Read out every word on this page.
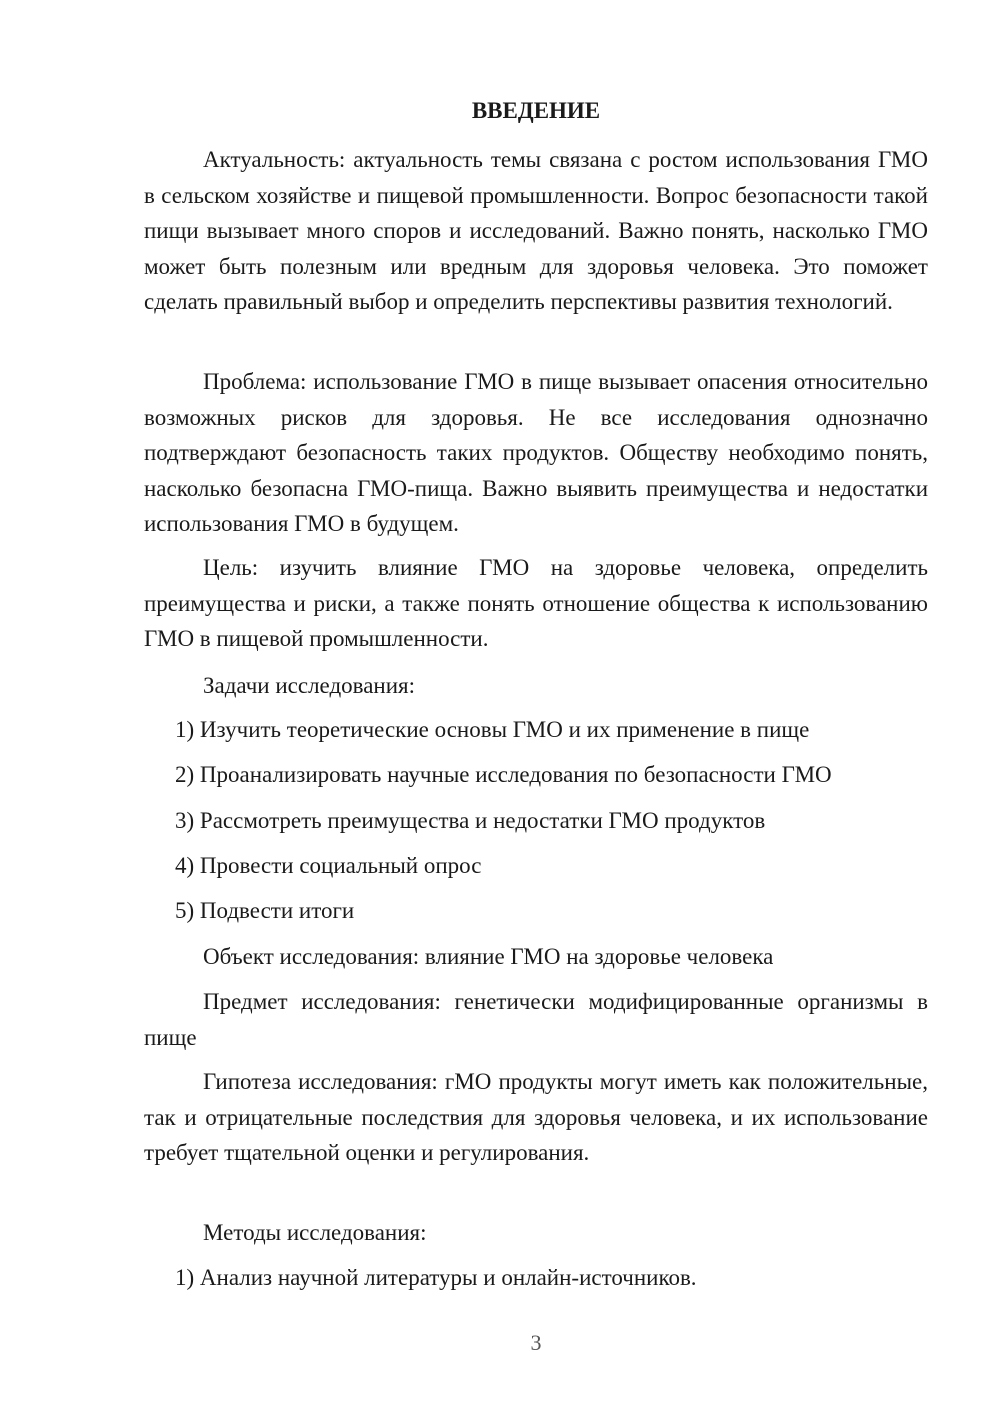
ВВЕДЕНИЕ

Актуальность: актуальность темы связана с ростом использования ГМО в сельском хозяйстве и пищевой промышленности. Вопрос безопасности такой пищи вызывает много споров и исследований. Важно понять, насколько ГМО может быть полезным или вредным для здоровья человека. Это поможет сделать правильный выбор и определить перспективы развития технологий.

Проблема: использование ГМО в пище вызывает опасения относительно возможных рисков для здоровья. Не все исследования однозначно подтверждают безопасность таких продуктов. Обществу необходимо понять, насколько безопасна ГМО-пища. Важно выявить преимущества и недостатки использования ГМО в будущем.

Цель: изучить влияние ГМО на здоровье человека, определить преимущества и риски, а также понять отношение общества к использованию ГМО в пищевой промышленности.

Задачи исследования:
1) Изучить теоретические основы ГМО и их применение в пище
2) Проанализировать научные исследования по безопасности ГМО
3) Рассмотреть преимущества и недостатки ГМО продуктов
4) Провести социальный опрос
5) Подвести итоги
Объект исследования: влияние ГМО на здоровье человека

Предмет исследования: генетически модифицированные организмы в пище

Гипотеза исследования: гМО продукты могут иметь как положительные, так и отрицательные последствия для здоровья человека, и их использование требует тщательной оценки и регулирования.

Методы исследования:
1) Анализ научной литературы и онлайн-источников.
3
